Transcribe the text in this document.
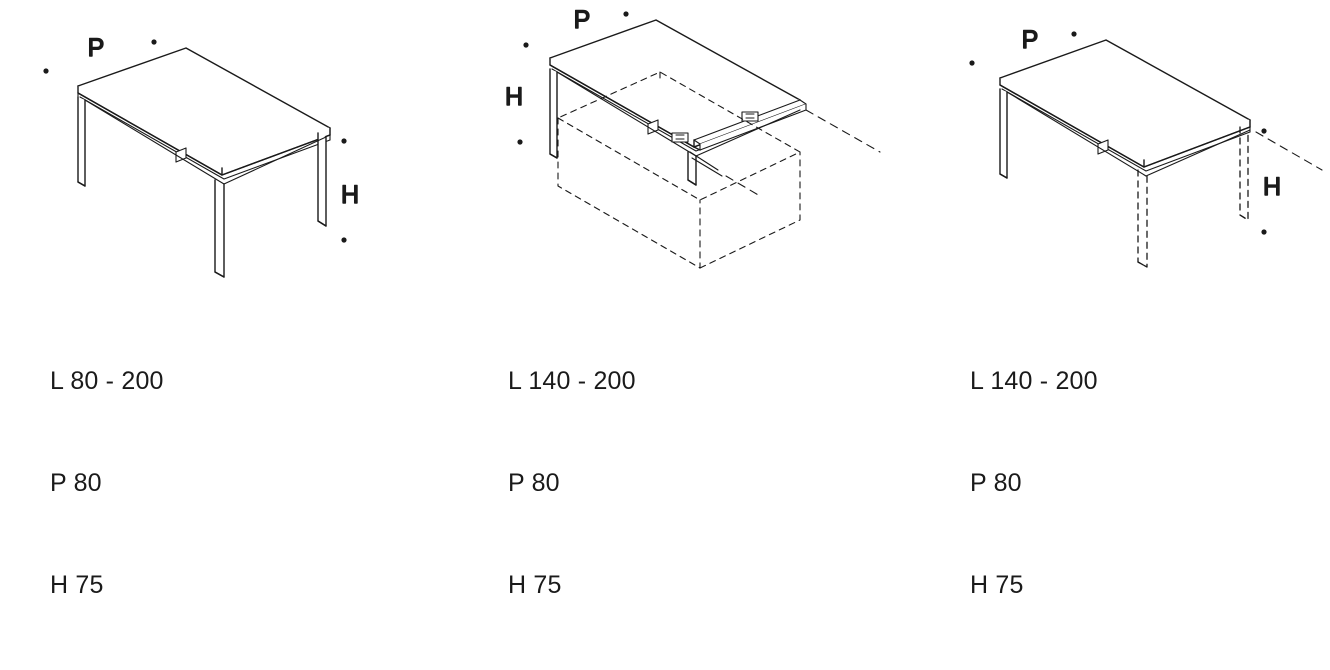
P
H

L 80 - 200

P 80

H 75

P
H

L 140 - 200

P 80

H 75

P
H

L 140 - 200

P 80

H 75
